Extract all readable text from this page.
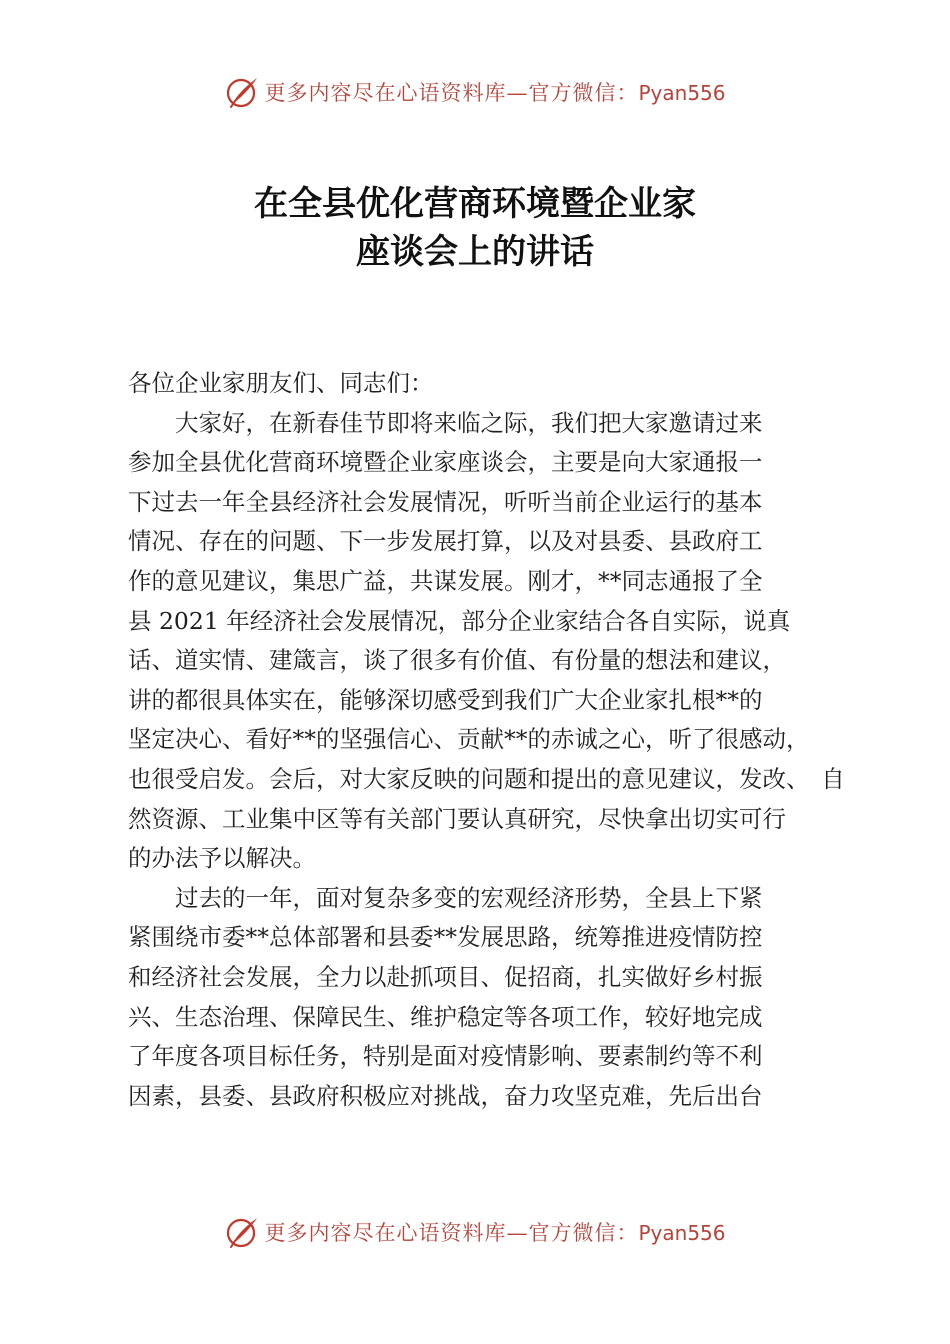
更多内容尽在心语资料库—官方微信：Pyan556
在全县优化营商环境暨企业家
座谈会上的讲话
各位企业家朋友们、同志们：
　　大家好，在新春佳节即将来临之际，我们把大家邀请过来
参加全县优化营商环境暨企业家座谈会，主要是向大家通报一
下过去一年全县经济社会发展情况，听听当前企业运行的基本
情况、存在的问题、下一步发展打算，以及对县委、县政府工
作的意见建议，集思广益，共谋发展。刚才，**同志通报了全
县 2021 年经济社会发展情况，部分企业家结合各自实际，说真
话、道实情、建箴言，谈了很多有价值、有份量的想法和建议，
讲的都很具体实在，能够深切感受到我们广大企业家扎根**的
坚定决心、看好**的坚强信心、贡献**的赤诚之心，听了很感动，
也很受启发。会后，对大家反映的问题和提出的意见建议，发改、　自
然资源、工业集中区等有关部门要认真研究，尽快拿出切实可行
的办法予以解决。
　　过去的一年，面对复杂多变的宏观经济形势，全县上下紧
紧围绕市委**总体部署和县委**发展思路，统筹推进疫情防控
和经济社会发展，全力以赴抓项目、促招商，扎实做好乡村振
兴、生态治理、保障民生、维护稳定等各项工作，较好地完成
了年度各项目标任务，特别是面对疫情影响、要素制约等不利
因素，县委、县政府积极应对挑战，奋力攻坚克难，先后出台
更多内容尽在心语资料库—官方微信：Pyan556
